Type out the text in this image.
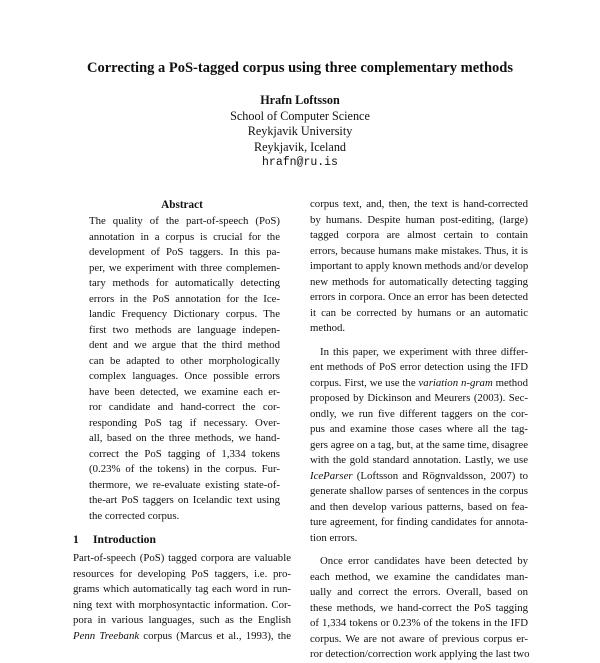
Correcting a PoS-tagged corpus using three complementary methods
Hrafn Loftsson
School of Computer Science
Reykjavik University
Reykjavik, Iceland
hrafn@ru.is
Abstract
The quality of the part-of-speech (PoS)
annotation in a corpus is crucial for the
development of PoS taggers. In this pa-
per, we experiment with three complemen-
tary methods for automatically detecting
errors in the PoS annotation for the Ice-
landic Frequency Dictionary corpus. The
first two methods are language indepen-
dent and we argue that the third method
can be adapted to other morphologically
complex languages. Once possible errors
have been detected, we examine each er-
ror candidate and hand-correct the cor-
responding PoS tag if necessary. Over-
all, based on the three methods, we hand-
correct the PoS tagging of 1,334 tokens
(0.23% of the tokens) in the corpus. Fur-
thermore, we re-evaluate existing state-of-
the-art PoS taggers on Icelandic text using
the corrected corpus.
1 Introduction
Part-of-speech (PoS) tagged corpora are valuable
resources for developing PoS taggers, i.e. pro-
grams which automatically tag each word in run-
ning text with morphosyntactic information. Cor-
pora in various languages, such as the English
Penn Treebank corpus (Marcus et al., 1993), the
corpus text, and, then, the text is hand-corrected
by humans. Despite human post-editing, (large)
tagged corpora are almost certain to contain
errors, because humans make mistakes. Thus, it is
important to apply known methods and/or develop
new methods for automatically detecting tagging
errors in corpora. Once an error has been detected
it can be corrected by humans or an automatic
method.
In this paper, we experiment with three differ-
ent methods of PoS error detection using the IFD
corpus. First, we use the variation n-gram method
proposed by Dickinson and Meurers (2003). Sec-
ondly, we run five different taggers on the cor-
pus and examine those cases where all the tag-
gers agree on a tag, but, at the same time, disagree
with the gold standard annotation. Lastly, we use
IceParser (Loftsson and Rögnvaldsson, 2007) to
generate shallow parses of sentences in the corpus
and then develop various patterns, based on fea-
ture agreement, for finding candidates for annota-
tion errors.
Once error candidates have been detected by
each method, we examine the candidates man-
ually and correct the errors. Overall, based on
these methods, we hand-correct the PoS tagging
of 1,334 tokens or 0.23% of the tokens in the IFD
corpus. We are not aware of previous corpus er-
ror detection/correction work applying the last two
